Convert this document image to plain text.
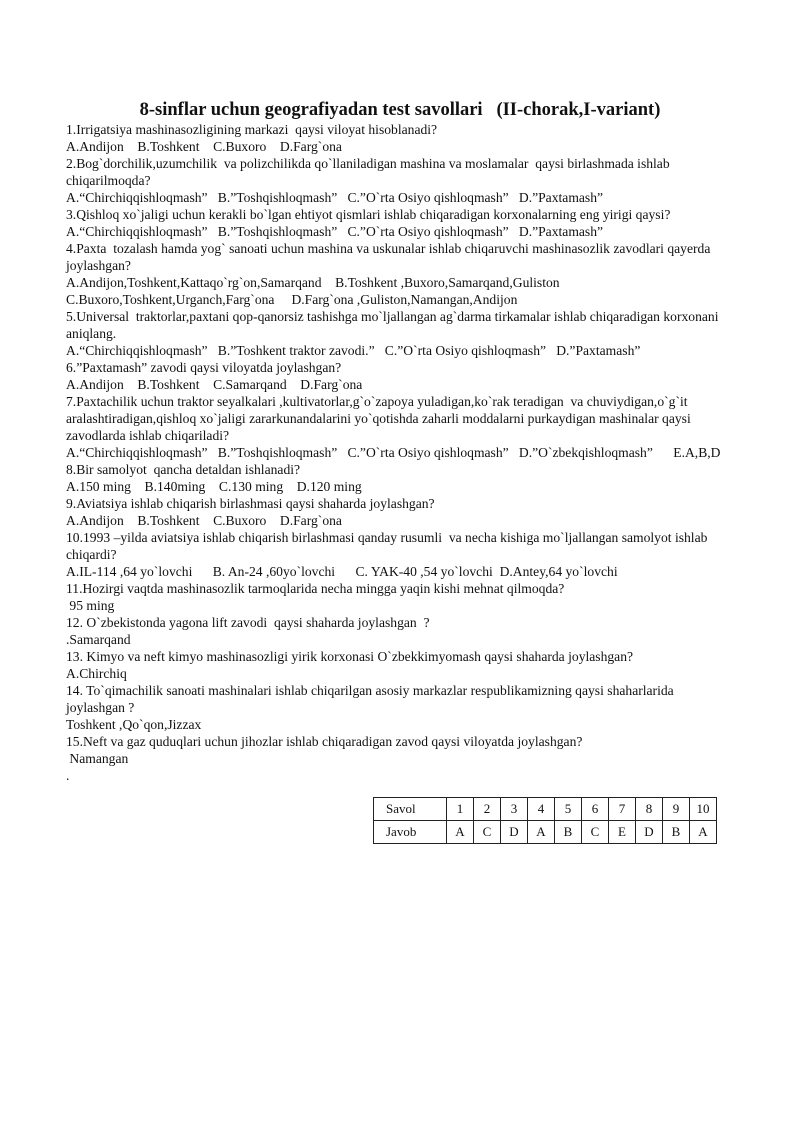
8-sinflar uchun geografiyadan test savollari   (II-chorak,I-variant)
1.Irrigatsiya mashinasozligining markazi  qaysi viloyat hisoblanadi?
A.Andijon    B.Toshkent    C.Buxoro    D.Farg`ona
2.Bog`dorchilik,uzumchilik  va polizchilikda qo`llaniladigan mashina va moslamalar  qaysi birlashmada ishlab
chiqarilmoqda?
A.“Chirchiqqishloqmash”   B.”Toshqishloqmash”   C.”O`rta Osiyo qishloqmash”   D.”Paxtamash”
3.Qishloq xo`jaligi uchun kerakli bo`lgan ehtiyot qismlari ishlab chiqaradigan korxonalarning eng yirigi qaysi?
A.“Chirchiqqishloqmash”   B.”Toshqishloqmash”   C.”O`rta Osiyo qishloqmash”   D.”Paxtamash”
4.Paxta  tozalash hamda yog` sanoati uchun mashina va uskunalar ishlab chiqaruvchi mashinasozlik zavodlari qayerda
joylashgan?
A.Andijon,Toshkent,Kattaqo`rg`on,Samarqand    B.Toshkent ,Buxoro,Samarqand,Guliston
C.Buxoro,Toshkent,Urganch,Farg`ona     D.Farg`ona ,Guliston,Namangan,Andijon
5.Universal  traktorlar,paxtani qop-qanorsiz tashishga mo`ljallangan ag`darma tirkamalar ishlab chiqaradigan korxonani
aniqlang.
A.“Chirchiqqishloqmash”   B.”Toshkent traktor zavodi.”   C.”O`rta Osiyo qishloqmash”   D.”Paxtamash”
6.”Paxtamash” zavodi qaysi viloyatda joylashgan?
A.Andijon    B.Toshkent    C.Samarqand    D.Farg`ona
7.Paxtachilik uchun traktor seyalkalari ,kultivatorlar,g`o`zapoya yuladigan,ko`rak teradigan  va chuviydigan,o`g`it
aralashtiradigan,qishloq xo`jaligi zararkunandalarini yo`qotishda zaharli moddalarni purkaydigan mashinalar qaysi
zavodlarda ishlab chiqariladi?
A.“Chirchiqqishloqmash”   B.”Toshqishloqmash”   C.”O`rta Osiyo qishloqmash”   D.”O`zbekqishloqmash”      E.A,B,D
8.Bir samolyot  qancha detaldan ishlanadi?
A.150 ming    B.140ming    C.130 ming    D.120 ming
9.Aviatsiya ishlab chiqarish birlashmasi qaysi shaharda joylashgan?
A.Andijon    B.Toshkent    C.Buxoro    D.Farg`ona
10.1993 –yilda aviatsiya ishlab chiqarish birlashmasi qanday rusumli  va necha kishiga mo`ljallangan samolyot ishlab
chiqardi?
A.IL-114 ,64 yo`lovchi      B. An-24 ,60yo`lovchi      C. YAK-40 ,54 yo`lovchi  D.Antey,64 yo`lovchi
11.Hozirgi vaqtda mashinasozlik tarmoqlarida necha mingga yaqin kishi mehnat qilmoqda?
95 ming
12. O`zbekistonda yagona lift zavodi  qaysi shaharda joylashgan  ?
.Samarqand
13. Kimyo va neft kimyo mashinasozligi yirik korxonasi O`zbekkimyomash qaysi shaharda joylashgan?
A.Chirchiq
14. To`qimachilik sanoati mashinalari ishlab chiqarilgan asosiy markazlar respublikamizning qaysi shaharlarida
joylashgan ?
Toshkent ,Qo`qon,Jizzax
15.Neft va gaz quduqlari uchun jihozlar ishlab chiqaradigan zavod qaysi viloyatda joylashgan?
Namangan
.
Savol	1	2	3	4	5	6	7	8	9	10
Javob	A	C	D	A	B	C	E	D	B	A
